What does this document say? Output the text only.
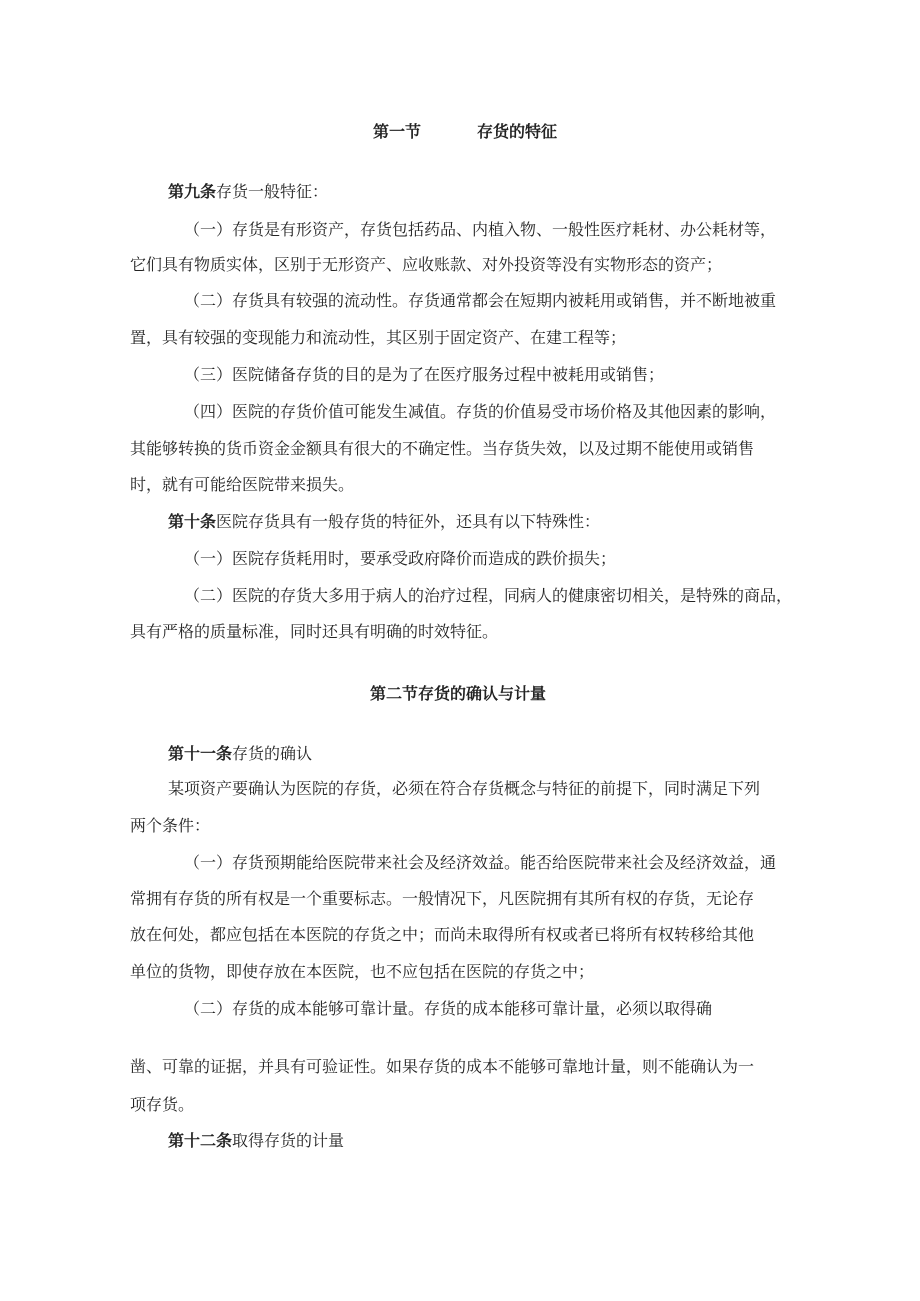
第一节	存货的特征
第九条存货一般特征：
（一）存货是有形资产，存货包括药品、内植入物、一般性医疗耗材、办公耗材等，
它们具有物质实体，区别于无形资产、应收账款、对外投资等没有实物形态的资产；
（二）存货具有较强的流动性。存货通常都会在短期内被耗用或销售，并不断地被重
置，具有较强的变现能力和流动性，其区别于固定资产、在建工程等；
（三）医院储备存货的目的是为了在医疗服务过程中被耗用或销售；
（四）医院的存货价值可能发生减值。存货的价值易受市场价格及其他因素的影响，
其能够转换的货币资金金额具有很大的不确定性。当存货失效，以及过期不能使用或销售
时，就有可能给医院带来损失。
第十条医院存货具有一般存货的特征外，还具有以下特殊性：
（一）医院存货耗用时，要承受政府降价而造成的跌价损失；
（二）医院的存货大多用于病人的治疗过程，同病人的健康密切相关，是特殊的商品，
具有严格的质量标准，同时还具有明确的时效特征。
第二节存货的确认与计量
第十一条存货的确认
某项资产要确认为医院的存货，必须在符合存货概念与特征的前提下，同时满足下列
两个条件：
（一）存货预期能给医院带来社会及经济效益。能否给医院带来社会及经济效益，通
常拥有存货的所有权是一个重要标志。一般情况下，凡医院拥有其所有权的存货，无论存
放在何处，都应包括在本医院的存货之中；而尚未取得所有权或者已将所有权转移给其他
单位的货物，即使存放在本医院，也不应包括在医院的存货之中；
（二）存货的成本能够可靠计量。存货的成本能移可靠计量，必须以取得确
凿、可靠的证据，并具有可验证性。如果存货的成本不能够可靠地计量，则不能确认为一
项存货。
第十二条取得存货的计量
